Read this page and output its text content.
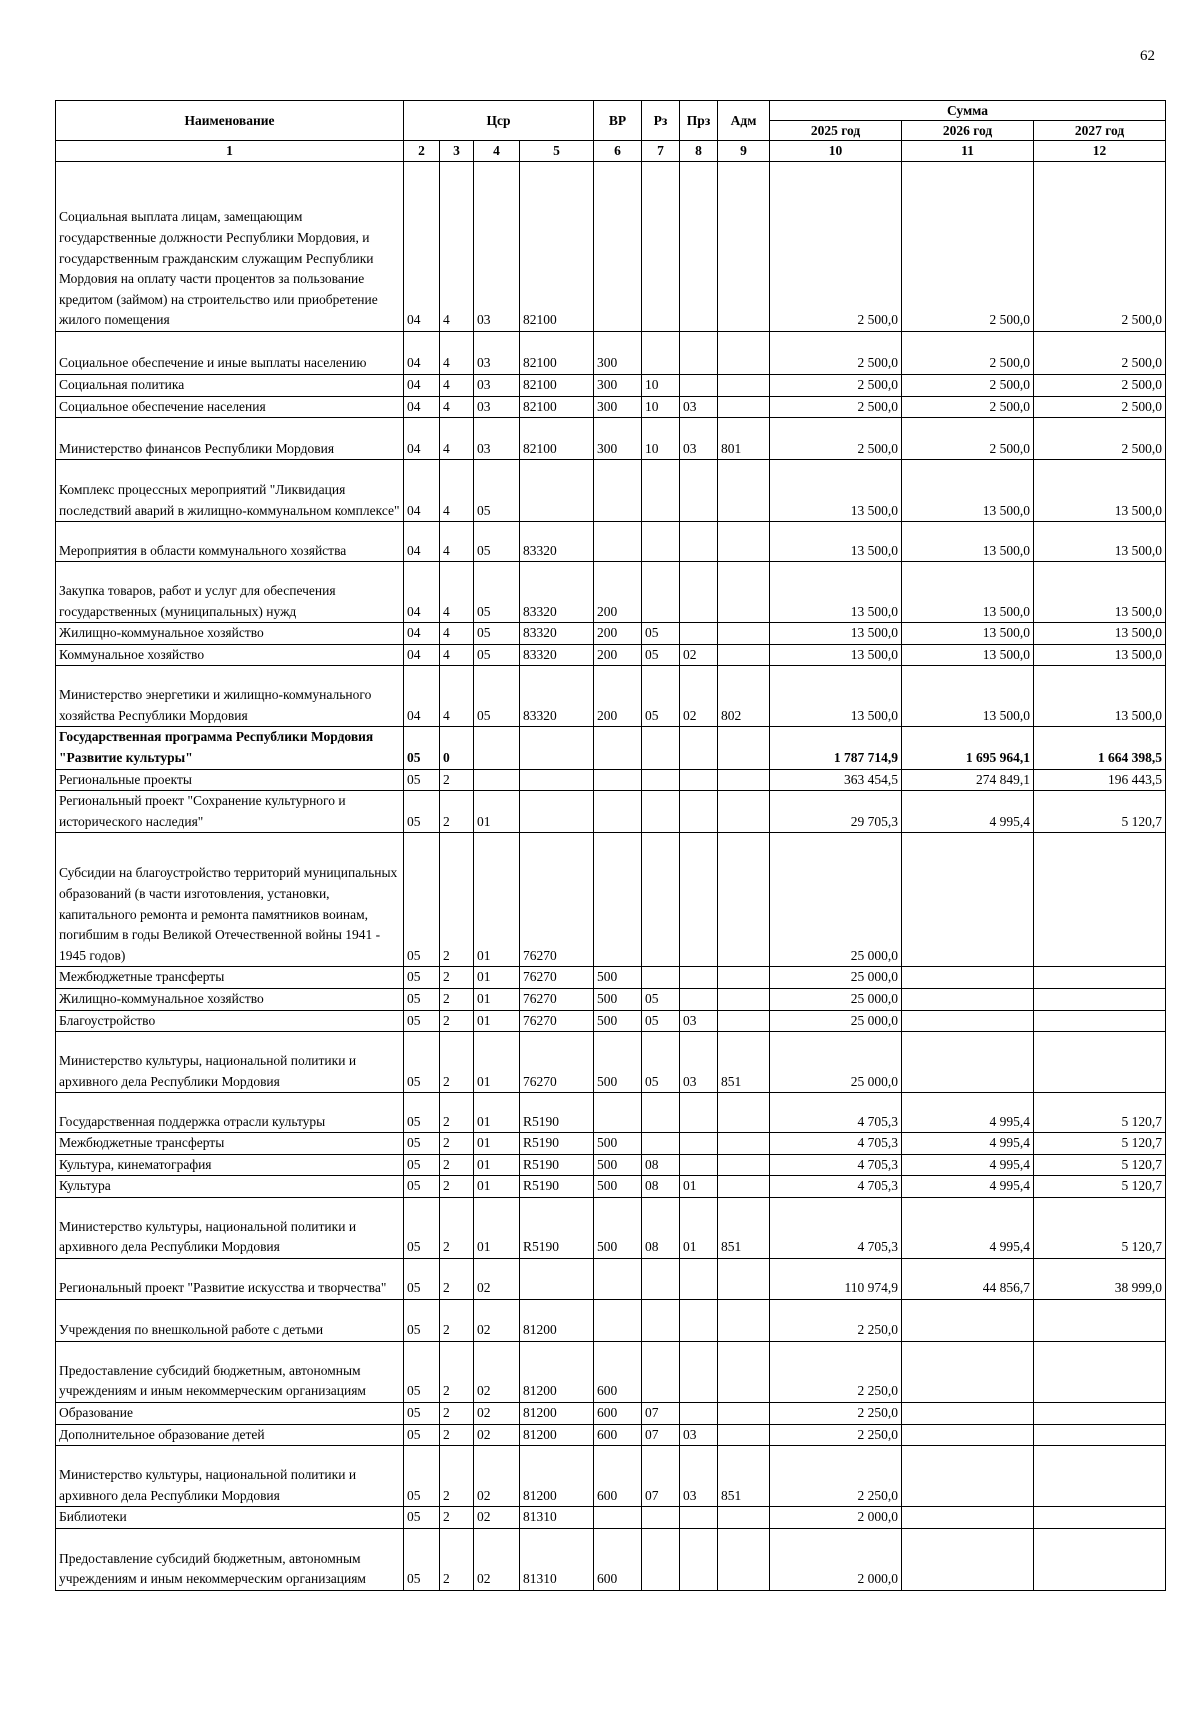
62
Наименование	Цср				ВР	Рз	Прз	Адм	Сумма		
									2025 год	2026 год	2027 год
1	2	3	4	5	6	7	8	9	10	11	12
Социальная выплата лицам, замещающим государственные должности Республики Мордовия, и государственным гражданским служащим Республики Мордовия на оплату части процентов за пользование кредитом (займом) на строительство или приобретение жилого помещения	04	4	03	82100					2 500,0	2 500,0	2 500,0
Социальное обеспечение и иные выплаты населению	04	4	03	82100	300				2 500,0	2 500,0	2 500,0
Социальная политика	04	4	03	82100	300	10			2 500,0	2 500,0	2 500,0
Социальное обеспечение населения	04	4	03	82100	300	10	03		2 500,0	2 500,0	2 500,0
Министерство финансов Республики Мордовия	04	4	03	82100	300	10	03	801	2 500,0	2 500,0	2 500,0
Комплекс процессных мероприятий "Ликвидация последствий аварий в жилищно-коммунальном комплексе"	04	4	05						13 500,0	13 500,0	13 500,0
Мероприятия в области коммунального хозяйства	04	4	05	83320					13 500,0	13 500,0	13 500,0
Закупка товаров, работ и услуг для обеспечения государственных (муниципальных) нужд	04	4	05	83320	200				13 500,0	13 500,0	13 500,0
Жилищно-коммунальное хозяйство	04	4	05	83320	200	05			13 500,0	13 500,0	13 500,0
Коммунальное хозяйство	04	4	05	83320	200	05	02		13 500,0	13 500,0	13 500,0
Министерство энергетики и жилищно-коммунального хозяйства Республики Мордовия	04	4	05	83320	200	05	02	802	13 500,0	13 500,0	13 500,0
Государственная программа Республики Мордовия "Развитие культуры"	05	0							1 787 714,9	1 695 964,1	1 664 398,5
Региональные проекты	05	2							363 454,5	274 849,1	196 443,5
Региональный проект "Сохранение культурного и исторического наследия"	05	2	01						29 705,3	4 995,4	5 120,7
Субсидии на благоустройство территорий муниципальных образований (в части изготовления, установки, капитального ремонта и ремонта памятников воинам, погибшим в годы Великой Отечественной войны 1941 - 1945 годов)	05	2	01	76270					25 000,0		
Межбюджетные трансферты	05	2	01	76270	500				25 000,0		
Жилищно-коммунальное хозяйство	05	2	01	76270	500	05			25 000,0		
Благоустройство	05	2	01	76270	500	05	03		25 000,0		
Министерство культуры, национальной политики и архивного дела Республики Мордовия	05	2	01	76270	500	05	03	851	25 000,0		
Государственная поддержка отрасли культуры	05	2	01	R5190					4 705,3	4 995,4	5 120,7
Межбюджетные трансферты	05	2	01	R5190	500				4 705,3	4 995,4	5 120,7
Культура, кинематография	05	2	01	R5190	500	08			4 705,3	4 995,4	5 120,7
Культура	05	2	01	R5190	500	08	01		4 705,3	4 995,4	5 120,7
Министерство культуры, национальной политики и архивного дела Республики Мордовия	05	2	01	R5190	500	08	01	851	4 705,3	4 995,4	5 120,7
Региональный проект "Развитие искусства и творчества"	05	2	02						110 974,9	44 856,7	38 999,0
Учреждения по внешкольной работе с детьми	05	2	02	81200					2 250,0		
Предоставление субсидий бюджетным, автономным учреждениям и иным некоммерческим организациям	05	2	02	81200	600				2 250,0		
Образование	05	2	02	81200	600	07			2 250,0		
Дополнительное образование детей	05	2	02	81200	600	07	03		2 250,0		
Министерство культуры, национальной политики и архивного дела Республики Мордовия	05	2	02	81200	600	07	03	851	2 250,0		
Библиотеки	05	2	02	81310					2 000,0		
Предоставление субсидий бюджетным, автономным учреждениям и иным некоммерческим организациям	05	2	02	81310	600				2 000,0		
